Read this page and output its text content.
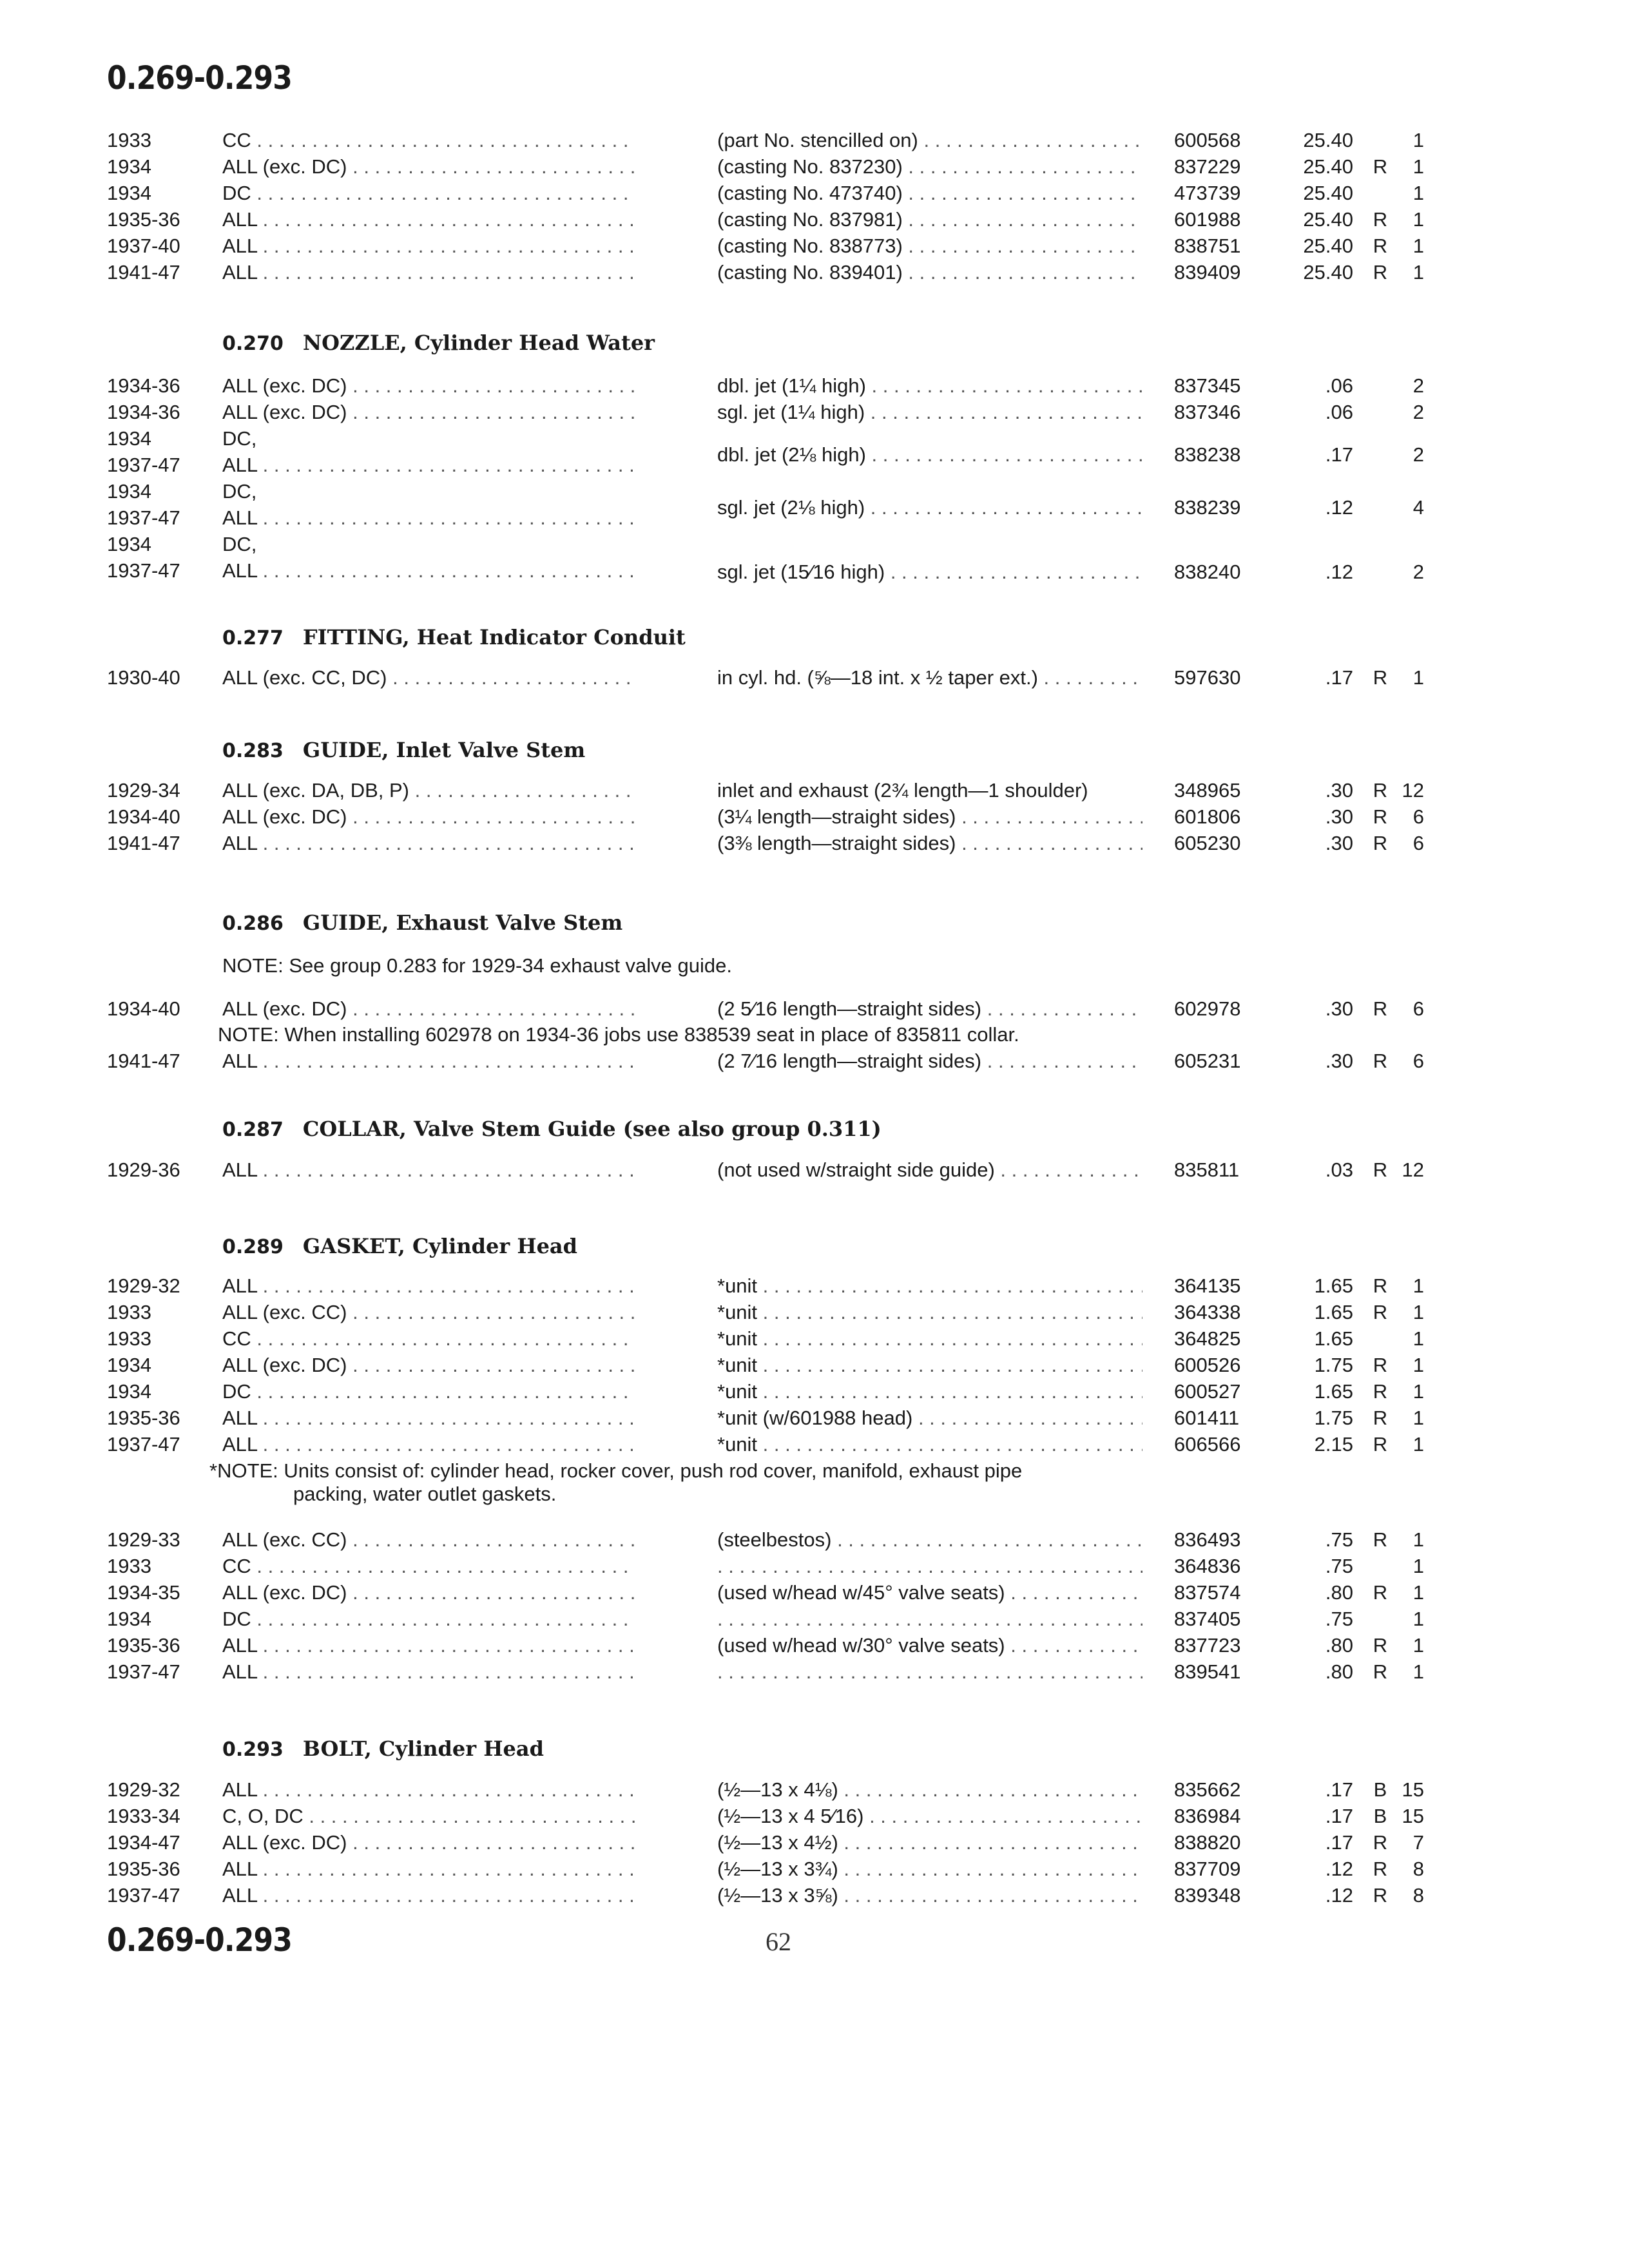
0.269-0.293
1933	CC . . .	(part No. stencilled on) . . .	600568	25.40	1
1934	ALL (exc. DC) . . .	(casting No. 837230) . . .	837229	25.40 R	1
1934	DC . . .	(casting No. 473740) . . .	473739	25.40	1
1935-36 ALL . . .	(casting No. 837981) . . .	601988	25.40 R	1
1937-40 ALL . . .	(casting No. 838773) . . .	838751	25.40 R	1
1941-47 ALL . . .	(casting No. 839401) . . .	839409	25.40 R	1
0.270 NOZZLE, Cylinder Head Water
1934-36 ALL (exc. DC) . . .	dbl. jet (1¼ high) . . .	837345	.06	2
1934-36 ALL (exc. DC) . . .	sgl. jet (1¼ high) . . .	837346	.06	2
1934	DC,
1937-47 ALL . . .	dbl. jet (2⅛ high) . . .	838238	.17	2
1934	DC,
1937-47 ALL . . .	sgl. jet (2⅛ high) . . .	838239	.12	4
1934	DC,
1937-47 ALL . . .	sgl. jet (15⁄16 high) . . .	838240	.12	2
0.277 FITTING, Heat Indicator Conduit
1930-40 ALL (exc. CC, DC) . . .	in cyl. hd. (⅝—18 int. x ½ taper ext.) . . .	597630	.17 R	1
0.283 GUIDE, Inlet Valve Stem
1929-34 ALL (exc. DA, DB, P) . . .	inlet and exhaust (2¾ length—1 shoulder)	348965	.30 R 12
1934-40 ALL (exc. DC) . . .	(3¼ length—straight sides) . . .	601806	.30 R	6
1941-47 ALL . . .	(3⅜ length—straight sides) . . .	605230	.30 R	6
0.286 GUIDE, Exhaust Valve Stem
NOTE: See group 0.283 for 1929-34 exhaust valve guide.
1934-40 ALL (exc. DC) . . .	(2 5⁄16 length—straight sides) . . .	602978	.30 R	6
NOTE: When installing 602978 on 1934-36 jobs use 838539 seat in place of 835811 collar.
1941-47 ALL . . .	(2 7⁄16 length—straight sides) . . .	605231	.30 R	6
0.287 COLLAR, Valve Stem Guide (see also group 0.311)
1929-36 ALL . . .	(not used w/straight side guide) . . .	835811	.03 R 12
0.289 GASKET, Cylinder Head
1929-32 ALL . . .	*unit . . .	364135	1.65 R	1
1933	ALL (exc. CC) . . .	*unit . . .	364338	1.65 R	1
1933	CC . . .	*unit . . .	364825	1.65	1
1934	ALL (exc. DC) . . .	*unit . . .	600526	1.75 R	1
1934	DC . . .	*unit . . .	600527	1.65 R	1
1935-36 ALL . . .	*unit (w/601988 head) . . .	601411	1.75 R	1
1937-47 ALL . . .	*unit . . .	606566	2.15 R	1
*NOTE: Units consist of: cylinder head, rocker cover, push rod cover, manifold, exhaust pipe
packing, water outlet gaskets.
1929-33 ALL (exc. CC) . . .	(steelbestos) . . .	836493	.75 R	1
1933	CC . . . . . .	364836	.75	1
1934-35 ALL (exc. DC) . . .	(used w/head w/45° valve seats) . . .	837574	.80 R	1
1934	DC . . . . . .	837405	.75	1
1935-36 ALL . . .	(used w/head w/30° valve seats) . . .	837723	.80 R	1
1937-47 ALL . . . . . .	839541	.80 R	1
0.293 BOLT, Cylinder Head
1929-32 ALL . . .	(½—13 x 4⅛) . . .	835662	.17 B 15
1933-34 C, O, DC . . .	(½—13 x 4 5⁄16) . . .	836984	.17 B 15
1934-47 ALL (exc. DC) . . .	(½—13 x 4½) . . .	838820	.17 R	7
1935-36 ALL . . .	(½—13 x 3¾) . . .	837709	.12 R	8
1937-47 ALL . . .	(½—13 x 3⅝) . . .	839348	.12 R	8
0.269-0.293	62
